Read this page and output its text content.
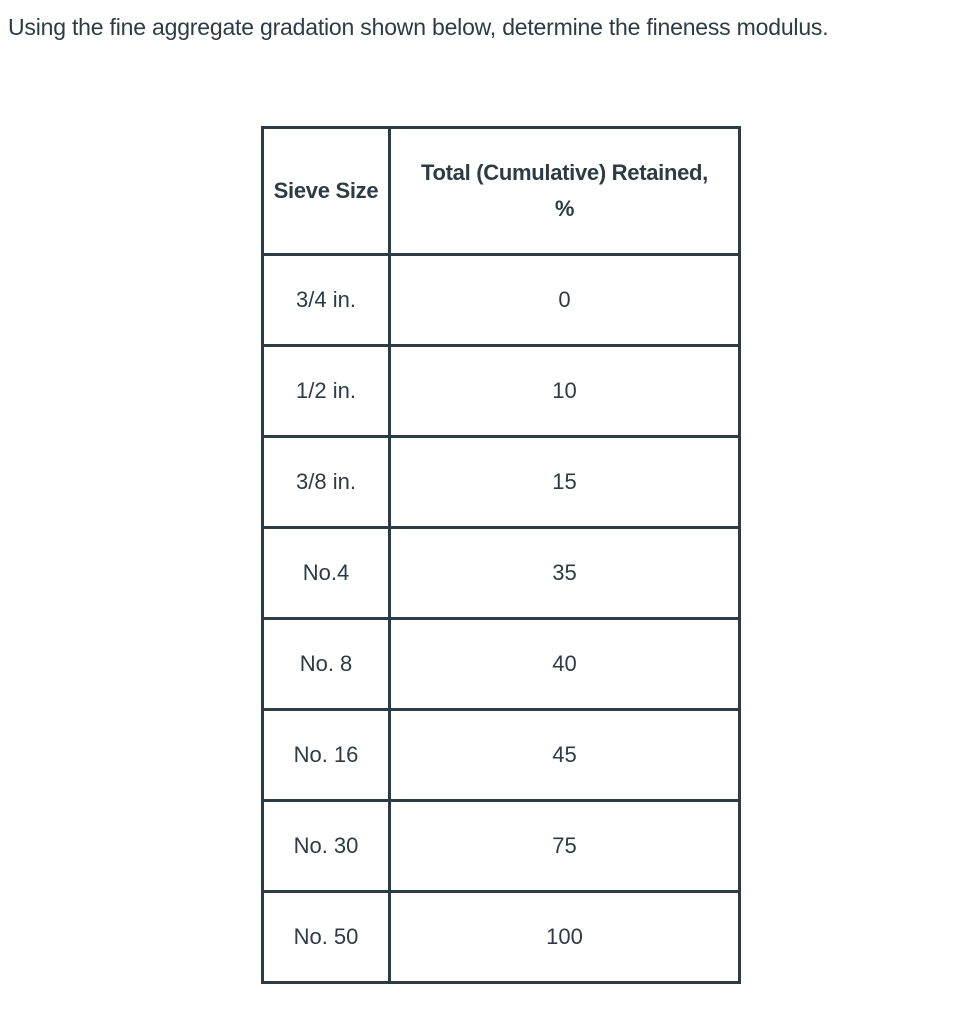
Using the fine aggregate gradation shown below, determine the fineness modulus.
Sieve Size	Total (Cumulative) Retained,
%

3/4 in.	0
1/2 in.	10
3/8 in.	15
No.4	35
No. 8	40
No. 16	45
No. 30	75
No. 50	100
